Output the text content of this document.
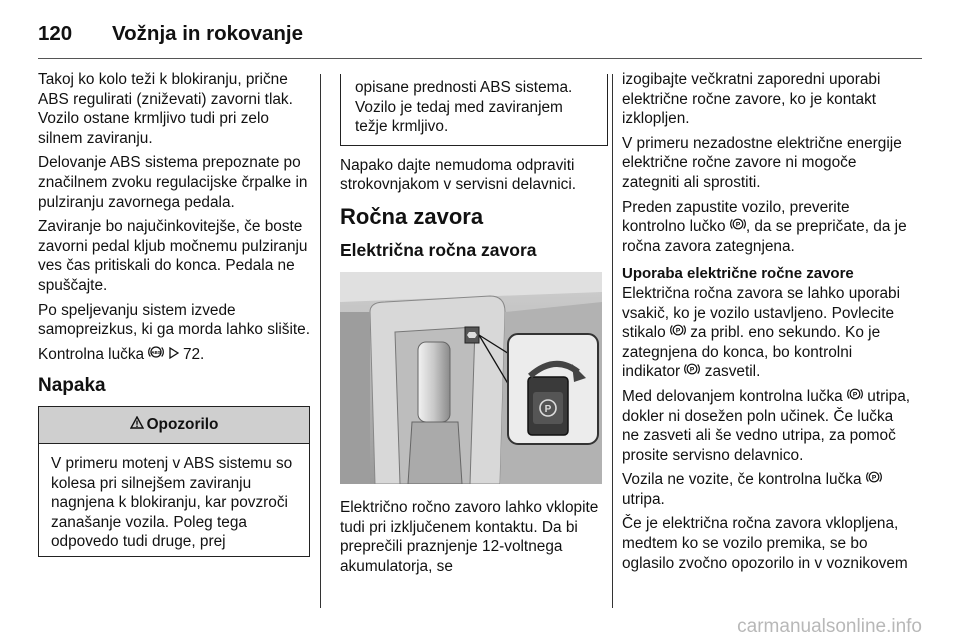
120	Vožnja in rokovanje

Takoj ko kolo teži k blokiranju, prične ABS regulirati (zniževati) zavorni tlak. Vozilo ostane krmljivo tudi pri zelo silnem zaviranju.

Delovanje ABS sistema prepoznate po značilnem zvoku regulacijske črpalke in pulziranju zavornega pedala.

Zaviranje bo najučinkovitejše, če boste zavorni pedal kljub močnemu pulziranju ves čas pritiskali do konca. Pedala ne spuščajte.

Po speljevanju sistem izvede samopreizkus, ki ga morda lahko slišite.

Kontrolna lučka ABS 72.

Napaka
Opozorilo
V primeru motenj v ABS sistemu so kolesa pri silnejšem zaviranju nagnjena k blokiranju, kar povzroči zanašanje vozila. Poleg tega odpovedo tudi druge, prej
opisane prednosti ABS sistema. Vozilo je tedaj med zaviranjem težje krmljivo.

Napako dajte nemudoma odpraviti strokovnjakom v servisni delavnici.

Ročna zavora
Električna ročna zavora
P

Električno ročno zavoro lahko vklopite tudi pri izklju​čenem kontaktu. Da bi preprečili praznjenje 12-voltnega akumulatorja, se

izogibajte večkratni zaporedni uporabi električne ročne zavore, ko je kontakt izklopljen.

V primeru nezadostne električne energije električne ročne zavore ni mogoče zategniti ali sprostiti.

Preden zapustite vozilo, preverite kontrolno lučko P , da se prepričate, da je ročna zavora zategnjena.

Uporaba električne ročne zavore

Električna ročna zavora se lahko uporabi vsakič, ko je vozilo ustavljeno. Povlecite stikalo P za pribl. eno sekundo. Ko je zategnjena do konca, bo kontrolni indikator P zasvetil.

Med delovanjem kontrolna lučka P utripa, dokler ni dosežen poln učinek. Če lučka ne zasveti ali še vedno utripa, za pomoč prosite servisno delavnico.

Vozila ne vozite, če kontrolna lučka P
utripa.

Če je električna ročna zavora vklopljena, medtem ko se vozilo premika, se bo oglasilo zvočno opozorilo in v voznikovem

carmanualsonline.info
